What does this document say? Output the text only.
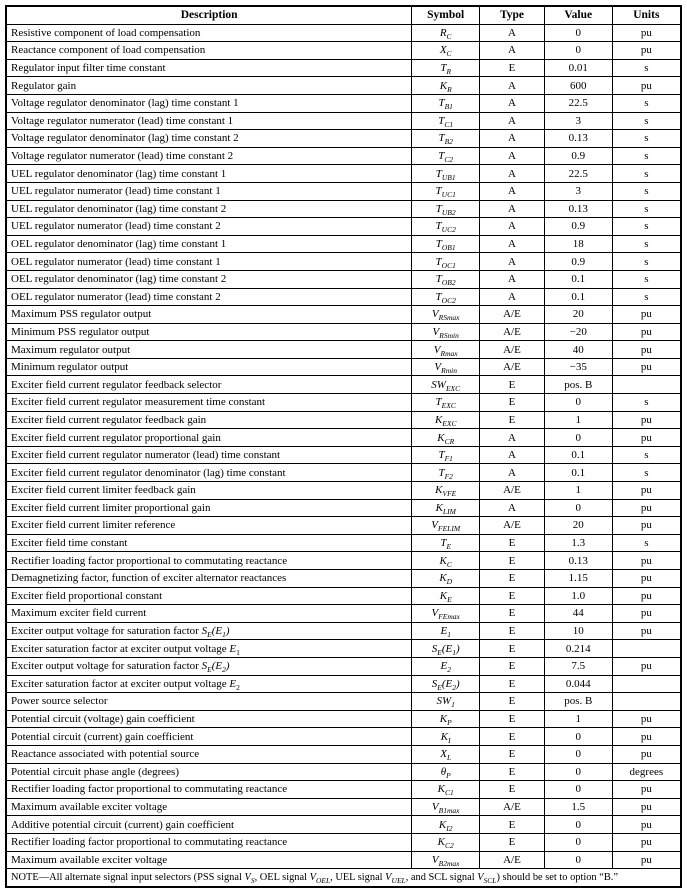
Description	Symbol	Type	Value	Units
Resistive component of load compensation	$R_C$	A	0	pu
Reactance component of load compensation	$X_C$	A	0	pu
Regulator input filter time constant	$T_R$	E	0.01	s
Regulator gain	$K_R$	A	600	pu
Voltage regulator denominator (lag) time constant 1	$T_{B1}$	A	22.5	s
Voltage regulator numerator (lead) time constant 1	$T_{C1}$	A	3	s
Voltage regulator denominator (lag) time constant 2	$T_{B2}$	A	0.13	s
Voltage regulator numerator (lead) time constant 2	$T_{C2}$	A	0.9	s
UEL regulator denominator (lag) time constant 1	$T_{UB1}$	A	22.5	s
UEL regulator numerator (lead) time constant 1	$T_{UC1}$	A	3	s
UEL regulator denominator (lag) time constant 2	$T_{UB2}$	A	0.13	s
UEL regulator numerator (lead) time constant 2	$T_{UC2}$	A	0.9	s
OEL regulator denominator (lag) time constant 1	$T_{OB1}$	A	18	s
OEL regulator numerator (lead) time constant 1	$T_{OC1}$	A	0.9	s
OEL regulator denominator (lag) time constant 2	$T_{OB2}$	A	0.1	s
OEL regulator numerator (lead) time constant 2	$T_{OC2}$	A	0.1	s
Maximum PSS regulator output	$V_{RSmax}$	A/E	20	pu
Minimum PSS regulator output	$V_{RSmin}$	A/E	−20	pu
Maximum regulator output	$V_{Rmax}$	A/E	40	pu
Minimum regulator output	$V_{Rmin}$	A/E	−35	pu
Exciter field current regulator feedback selector	$SW_{EXC}$	E	pos. B	
Exciter field current regulator measurement time constant	$T_{EXC}$	E	0	s
Exciter field current regulator feedback gain	$K_{EXC}$	E	1	pu
Exciter field current regulator proportional gain	$K_{CR}$	A	0	pu
Exciter field current regulator numerator (lead) time constant	$T_{F1}$	A	0.1	s
Exciter field current regulator denominator (lag) time constant	$T_{F2}$	A	0.1	s
Exciter field current limiter feedback gain	$K_{VFE}$	A/E	1	pu
Exciter field current limiter proportional gain	$K_{LIM}$	A	0	pu
Exciter field current limiter reference	$V_{FELIM}$	A/E	20	pu
Exciter field time constant	$T_E$	E	1.3	s
Rectifier loading factor proportional to commutating reactance	$K_C$	E	0.13	pu
Demagnetizing factor, function of exciter alternator reactances	$K_D$	E	1.15	pu
Exciter field proportional constant	$K_E$	E	1.0	pu
Maximum exciter field current	$V_{FEmax}$	E	44	pu
Exciter output voltage for saturation factor $S_E(E_1)$	$E_1$	E	10	pu
Exciter saturation factor at exciter output voltage $E_1$	$S_E(E_1)$	E	0.214	
Exciter output voltage for saturation factor $S_E(E_2)$	$E_2$	E	7.5	pu
Exciter saturation factor at exciter output voltage $E_2$	$S_E(E_2)$	E	0.044	
Power source selector	$SW_1$	E	pos. B	
Potential circuit (voltage) gain coefficient	$K_P$	E	1	pu
Potential circuit (current) gain coefficient	$K_I$	E	0	pu
Reactance associated with potential source	$X_L$	E	0	pu
Potential circuit phase angle (degrees)	$\theta_P$	E	0	degrees
Rectifier loading factor proportional to commutating reactance	$K_{C1}$	E	0	pu
Maximum available exciter voltage	$V_{B1max}$	A/E	1.5	pu
Additive potential circuit (current) gain coefficient	$K_{I2}$	E	0	pu
Rectifier loading factor proportional to commutating reactance	$K_{C2}$	E	0	pu
Maximum available exciter voltage	$V_{B2max}$	A/E	0	pu
NOTE—All alternate signal input selectors (PSS signal $V_S$, OEL signal $V_{OEL}$, UEL signal $V_{UEL}$, and SCL signal $V_{SCL}$) should be set to option “B.”				
